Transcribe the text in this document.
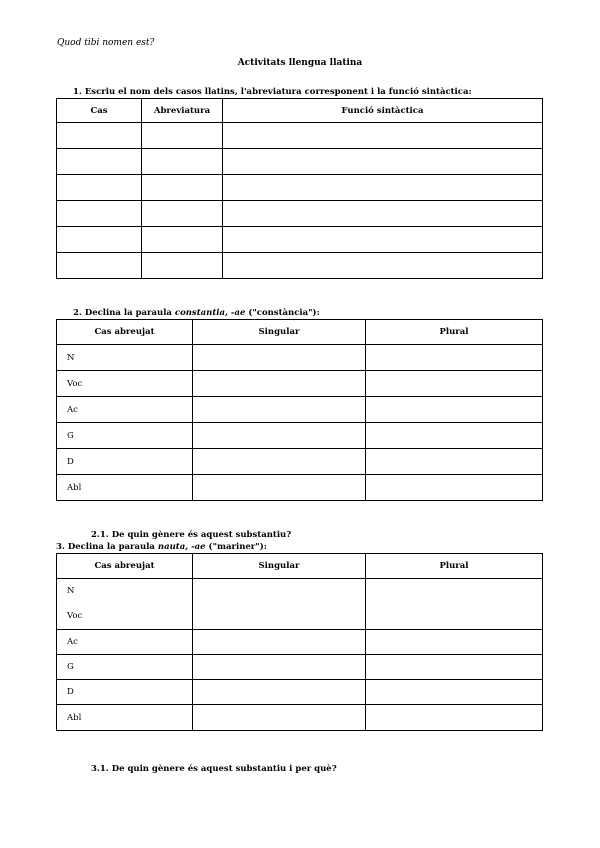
Quod tibi nomen est?
Activitats llengua llatina
1. Escriu el nom dels casos llatins, l'abreviatura corresponent i la funció sintàctica:
Cas	Abreviatura	Funció sintàctica

2. Declina la paraula constantia, -ae ("constància"):
Cas abreujat	Singular	Plural
N		
Voc		
Ac		
G		
D		
Abl		
2.1. De quin gènere és aquest substantiu?
3. Declina la paraula nauta, -ae ("mariner"):
Cas abreujat	Singular	Plural

N
Voc		

Ac		
G		
D		
Abl		
3.1. De quin gènere és aquest substantiu i per què?
